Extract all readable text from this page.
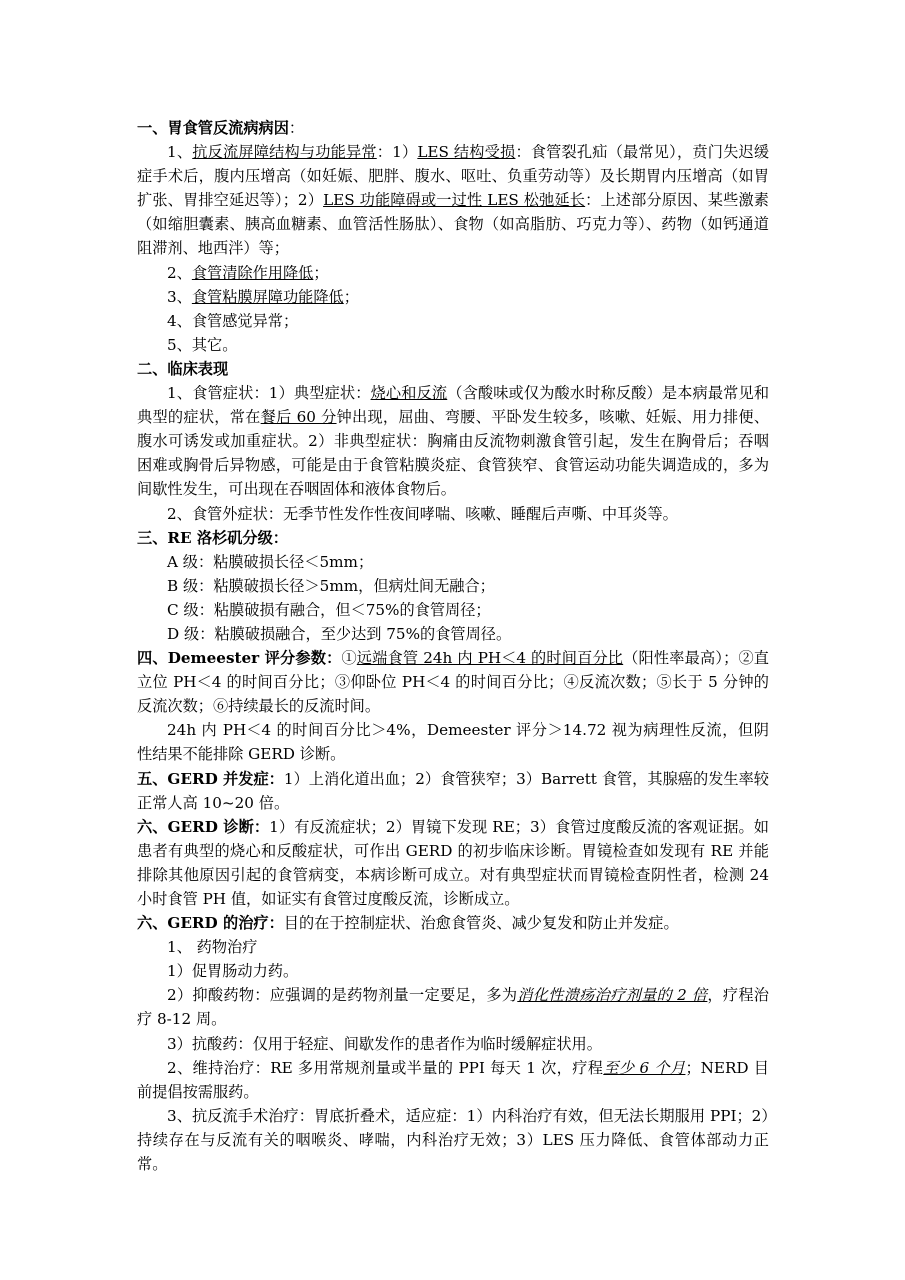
一、胃食管反流病病因：

1、抗反流屏障结构与功能异常：1）LES 结构受损：食管裂孔疝（最常见），贲门失迟缓症手术后，腹内压增高（如妊娠、肥胖、腹水、呕吐、负重劳动等）及长期胃内压增高（如胃扩张、胃排空延迟等）；2）LES 功能障碍或一过性 LES 松弛延长：上述部分原因、某些激素（如缩胆囊素、胰高血糖素、血管活性肠肽）、食物（如高脂肪、巧克力等）、药物（如钙通道阻滞剂、地西泮）等；

2、食管清除作用降低；

3、食管粘膜屏障功能降低；

4、食管感觉异常；

5、其它。

二、临床表现

1、食管症状：1）典型症状：烧心和反流（含酸味或仅为酸水时称反酸）是本病最常见和典型的症状，常在餐后 60 分钟出现，屈曲、弯腰、平卧发生较多，咳嗽、妊娠、用力排便、腹水可诱发或加重症状。2）非典型症状：胸痛由反流物刺激食管引起，发生在胸骨后；吞咽困难或胸骨后异物感，可能是由于食管粘膜炎症、食管狭窄、食管运动功能失调造成的，多为间歇性发生，可出现在吞咽固体和液体食物后。

2、食管外症状：无季节性发作性夜间哮喘、咳嗽、睡醒后声嘶、中耳炎等。

三、RE 洛杉矶分级：

A 级：粘膜破损长径＜5mm；

B 级：粘膜破损长径＞5mm，但病灶间无融合；

C 级：粘膜破损有融合，但＜75%的食管周径；

D 级：粘膜破损融合，至少达到 75%的食管周径。

四、Demeester 评分参数：①远端食管 24h 内 PH＜4 的时间百分比（阳性率最高）；②直立位 PH＜4 的时间百分比；③仰卧位 PH＜4 的时间百分比；④反流次数；⑤长于 5 分钟的反流次数；⑥持续最长的反流时间。

24h 内 PH＜4 的时间百分比＞4%，Demeester 评分＞14.72 视为病理性反流，但阴性结果不能排除 GERD 诊断。

五、GERD 并发症：1）上消化道出血；2）食管狭窄；3）Barrett 食管，其腺癌的发生率较正常人高 10~20 倍。

六、GERD 诊断：1）有反流症状；2）胃镜下发现 RE；3）食管过度酸反流的客观证据。如患者有典型的烧心和反酸症状，可作出 GERD 的初步临床诊断。胃镜检查如发现有 RE 并能排除其他原因引起的食管病变，本病诊断可成立。对有典型症状而胃镜检查阴性者，检测 24 小时食管 PH 值，如证实有食管过度酸反流，诊断成立。

六、GERD 的治疗：目的在于控制症状、治愈食管炎、减少复发和防止并发症。

1、 药物治疗

1）促胃肠动力药。

2）抑酸药物：应强调的是药物剂量一定要足，多为消化性溃疡治疗剂量的 2 倍，疗程治疗 8-12 周。

3）抗酸药：仅用于轻症、间歇发作的患者作为临时缓解症状用。

2、维持治疗：RE 多用常规剂量或半量的 PPI 每天 1 次，疗程至少 6 个月；NERD 目前提倡按需服药。

3、抗反流手术治疗：胃底折叠术，适应症：1）内科治疗有效，但无法长期服用 PPI；2）持续存在与反流有关的咽喉炎、哮喘，内科治疗无效；3）LES 压力降低、食管体部动力正常。
